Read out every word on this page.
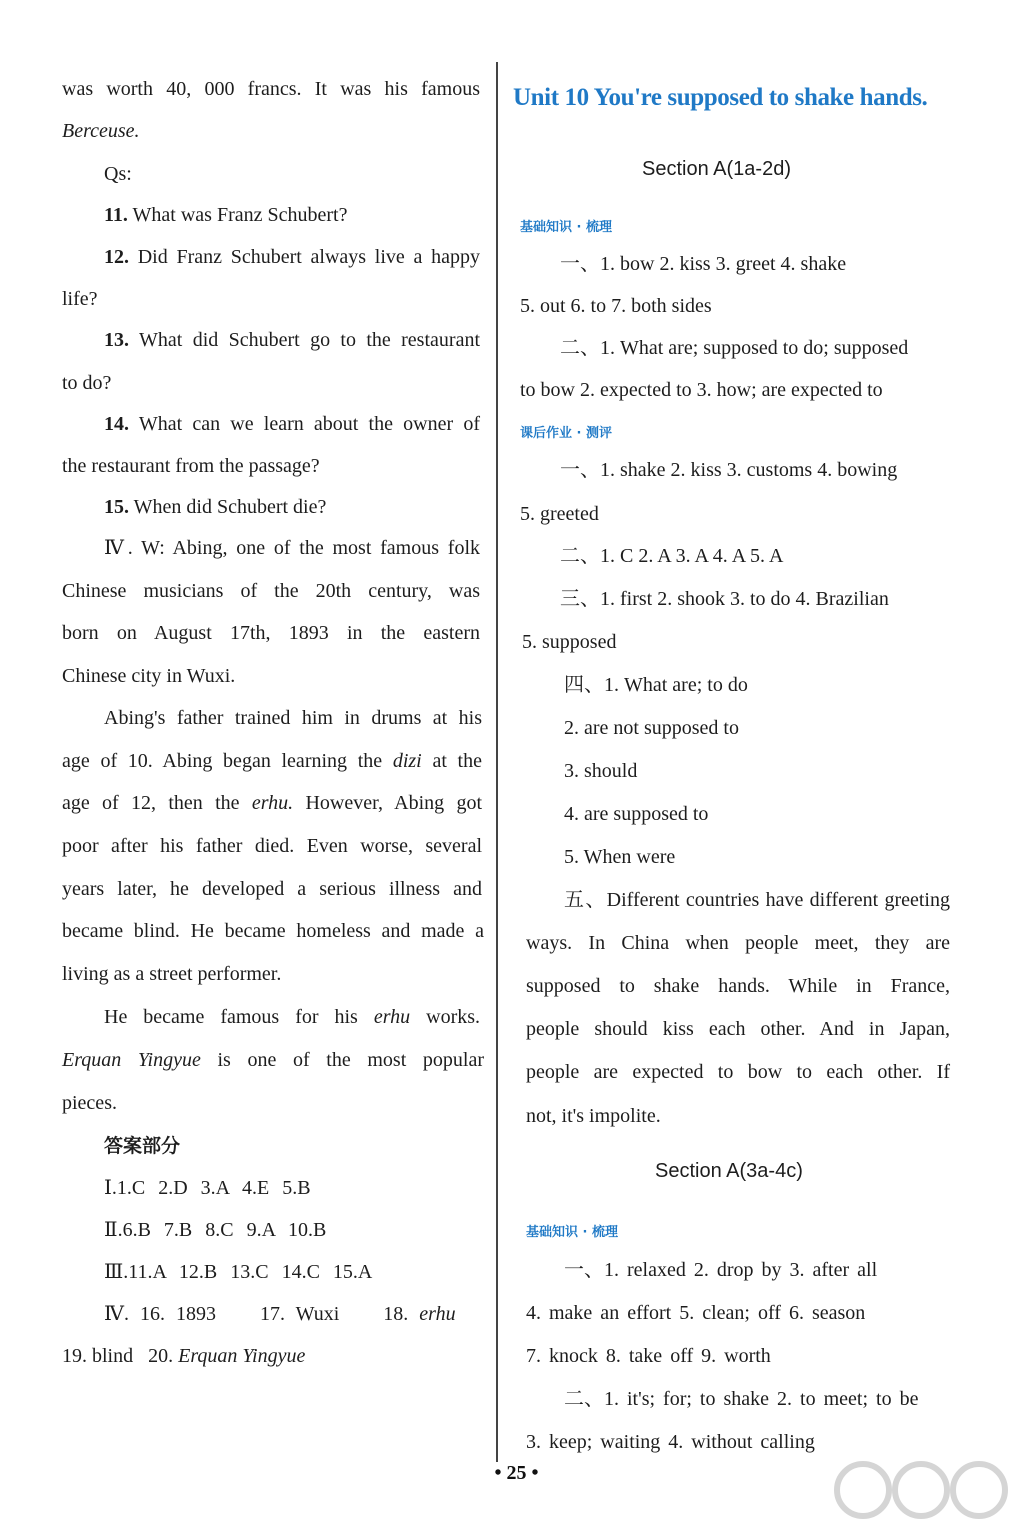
was worth 40, 000 francs. It was his famous
Berceuse.
Qs:
11. What was Franz Schubert?
12. Did Franz Schubert always live a happy
life?
13. What did Schubert go to the restaurant
to do?
14. What can we learn about the owner of
the restaurant from the passage?
15. When did Schubert die?
Ⅳ. W: Abing, one of the most famous folk
Chinese musicians of the 20th century, was
born on August 17th, 1893 in the eastern
Chinese city in Wuxi.
Abing's father trained him in drums at his
age of 10. Abing began learning the dizi at the
age of 12, then the erhu. However, Abing got
poor after his father died. Even worse, several
years later, he developed a serious illness and
became blind. He became homeless and made a
living as a street performer.
He became famous for his erhu works.
Erquan Yingyue is one of the most popular
pieces.
答案部分
Ⅰ.1.C 2.D 3.A 4.E 5.B
Ⅱ.6.B 7.B 8.C 9.A 10.B
Ⅲ.11.A 12.B 13.C 14.C 15.A
Ⅳ. 16. 1893 17. Wuxi 18. erhu
19. blind 20. Erquan Yingyue
Unit 10 You're supposed to shake hands.
Section A(1a-2d)
基础知识 · 梳理
一、1. bow 2. kiss 3. greet 4. shake
5. out 6. to 7. both sides
二、1. What are; supposed to do; supposed
to bow 2. expected to 3. how; are expected to
一、1. shake 2. kiss 3. customs 4. bowing
5. greeted
二、1. C 2. A 3. A 4. A 5. A
三、1. first 2. shook 3. to do 4. Brazilian
5. supposed
四、1. What are; to do
2. are not supposed to
3. should
4. are supposed to
5. When were
五、Different countries have different greeting
ways. In China when people meet, they are
supposed to shake hands. While in France,
people should kiss each other. And in Japan,
people are expected to bow to each other. If
not, it's impolite.
一、1. relaxed 2. drop by 3. after all
4. make an effort 5. clean; off 6. season
7. knock 8. take off 9. worth
二、1. it's; for; to shake 2. to meet; to be
3. keep; waiting 4. without calling
课后作业 · 测评
Section A(3a-4c)
基础知识 · 梳理
• 25 •
